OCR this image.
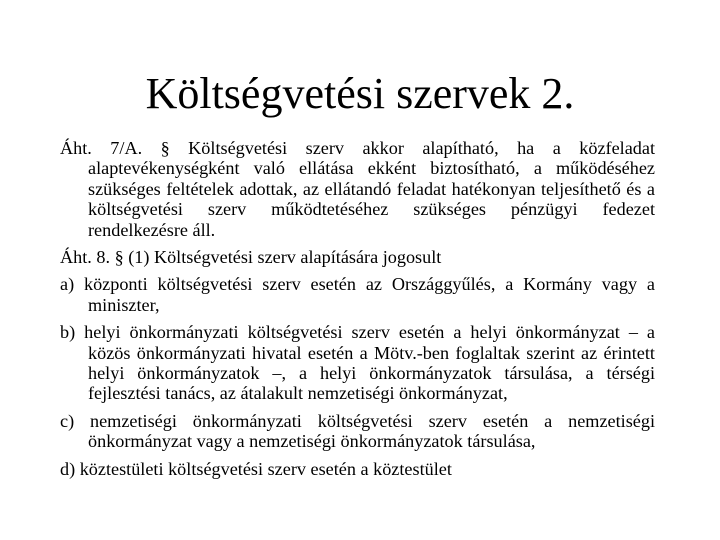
Költségvetési szervek 2.

Áht. 7/A. § Költségvetési szerv akkor alapítható, ha a közfeladat alaptevékenységként való ellátása ekként biztosítható, a működéséhez szükséges feltételek adottak, az ellátandó feladat hatékonyan teljesíthető és a költségvetési szerv működtetéséhez szükséges pénzügyi fedezet rendelkezésre áll.

Áht. 8. § (1) Költségvetési szerv alapítására jogosult

a) központi költségvetési szerv esetén az Országgyűlés, a Kormány vagy a miniszter,

b) helyi önkormányzati költségvetési szerv esetén a helyi önkormányzat – a közös önkormányzati hivatal esetén a Mötv.-ben foglaltak szerint az érintett helyi önkormányzatok –, a helyi önkormányzatok társulása, a térségi fejlesztési tanács, az átalakult nemzetiségi önkormányzat,

c) nemzetiségi önkormányzati költségvetési szerv esetén a nemzetiségi önkormányzat vagy a nemzetiségi önkormányzatok társulása,

d) köztestületi költségvetési szerv esetén a köztestület
